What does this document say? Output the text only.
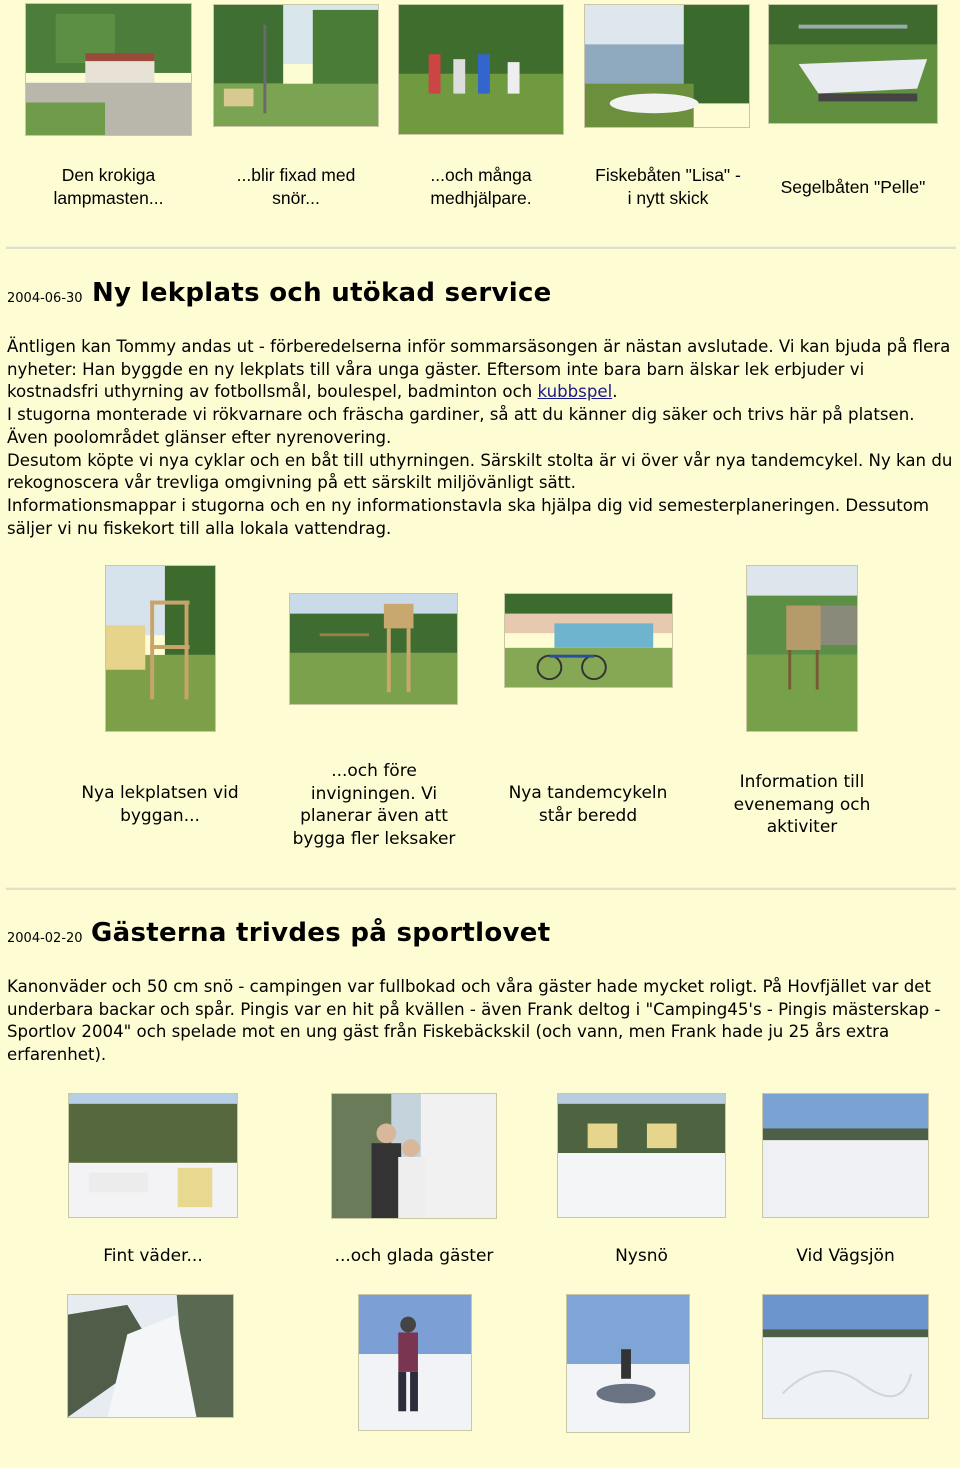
Den krokiga
lampmasten...
...blir fixad med
snör...
...och många
medhjälpare.
Fiskebåten "Lisa" -
i nytt skick
Segelbåten "Pelle"
2004-06-30 Ny lekplats och utökad service

Äntligen kan Tommy andas ut - förberedelserna inför sommarsäsongen är nästan avslutade. Vi kan bjuda på flera nyheter: Han byggde en ny lekplats till våra unga gäster. Eftersom inte bara barn älskar lek erbjuder vi kostnadsfri uthyrning av fotbollsmål, boulespel, badminton och kubbspel.

I stugorna monterade vi rökvarnare och fräscha gardiner, så att du känner dig säker och trivs här på platsen. Även poolområdet glänser efter nyrenovering.

Desutom köpte vi nya cyklar och en båt till uthyrningen. Särskilt stolta är vi över vår nya tandemcykel. Ny kan du rekognoscera vår trevliga omgivning på ett särskilt miljövänligt sätt.

Informationsmappar i stugorna och en ny informationstavla ska hjälpa dig vid semesterplaneringen. Dessutom säljer vi nu fiskekort till alla lokala vattendrag.

Nya lekplatsen vid
byggan...
...och före
invigningen. Vi
planerar även att
bygga fler leksaker
Nya tandemcykeln
står beredd
Information till
evenemang och
aktiviter
2004-02-20 Gästerna trivdes på sportlovet

Kanonväder och 50 cm snö - campingen var fullbokad och våra gäster hade mycket roligt. På Hovfjället var det underbara backar och spår. Pingis var en hit på kvällen - även Frank deltog i "Camping45's - Pingis mästerskap - Sportlov 2004" och spelade mot en ung gäst från Fiskebäckskil (och vann, men Frank hade ju 25 års extra erfarenhet).

Fint väder...	...och glada gäster	Nysnö	Vid Vägsjön
